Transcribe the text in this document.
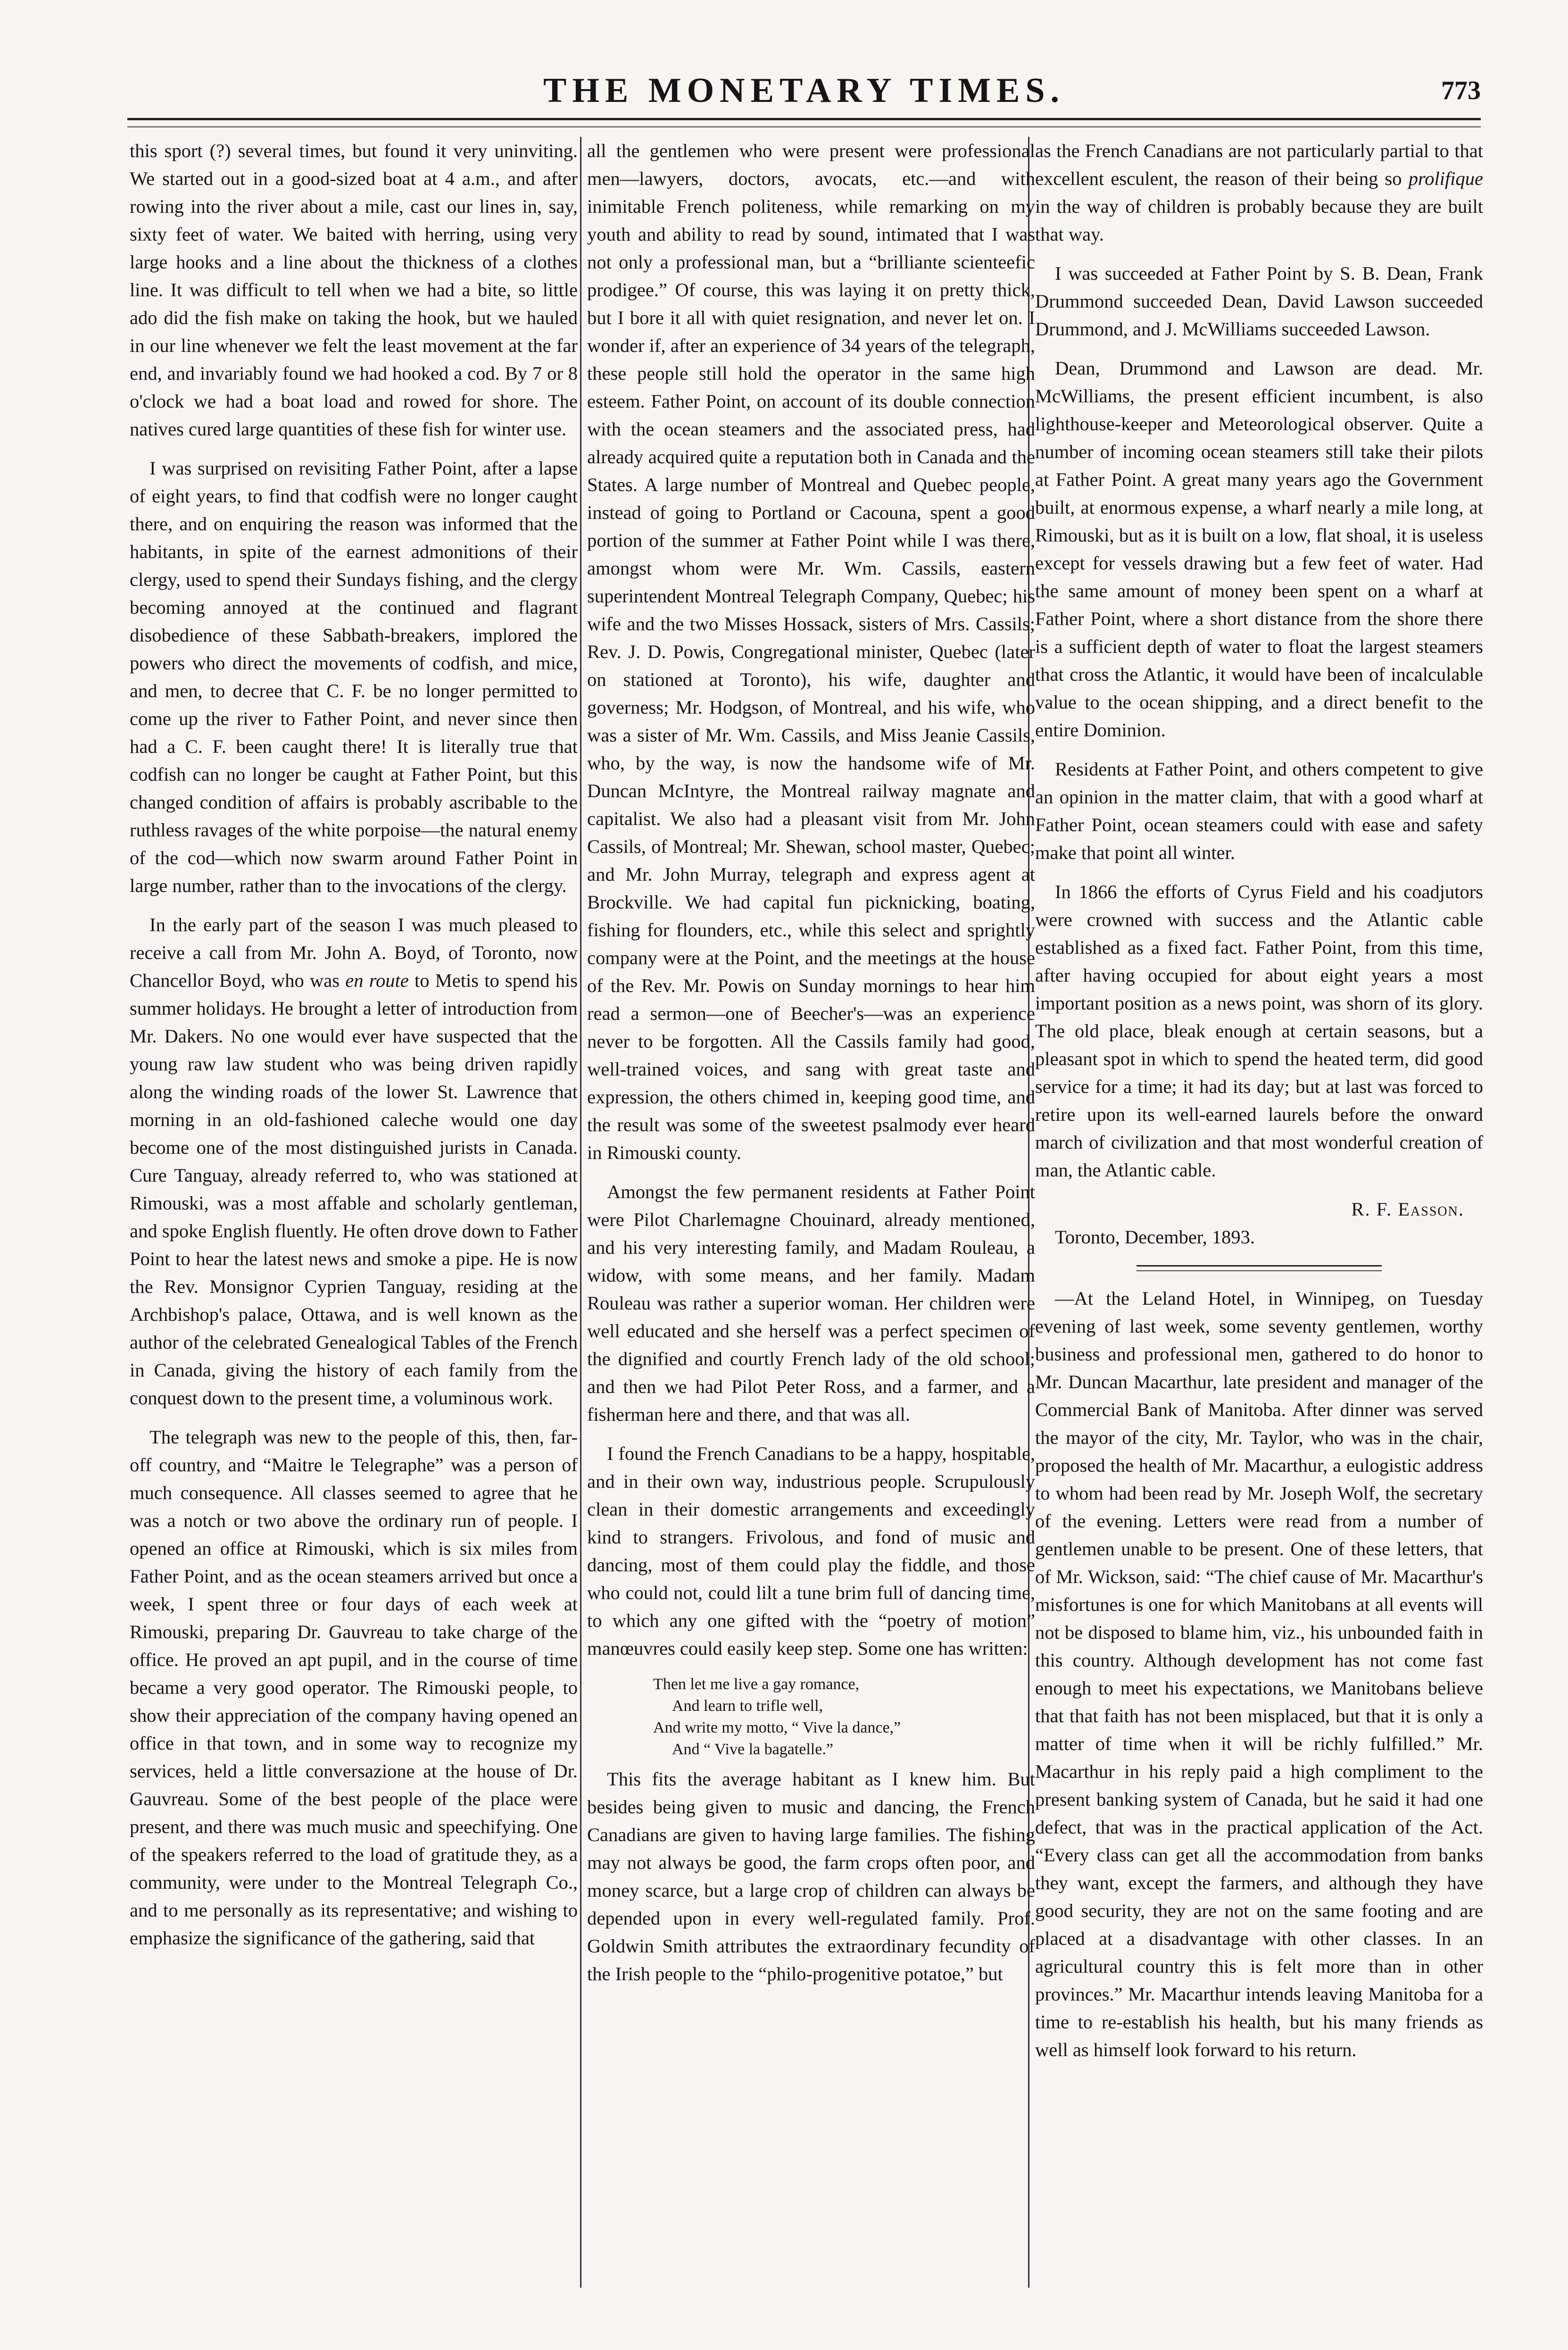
THE MONETARY TIMES.	773

this sport (?) several times, but found it very uninviting. We started out in a good-sized boat at 4 a.m., and after rowing into the river about a mile, cast our lines in, say, sixty feet of water. We baited with herring, using very large hooks and a line about the thickness of a clothes line. It was difficult to tell when we had a bite, so little ado did the fish make on taking the hook, but we hauled in our line whenever we felt the least movement at the far end, and invariably found we had hooked a cod. By 7 or 8 o'clock we had a boat load and rowed for shore. The natives cured large quantities of these fish for winter use.

I was surprised on revisiting Father Point, after a lapse of eight years, to find that codfish were no longer caught there, and on enquiring the reason was informed that the habitants, in spite of the earnest admonitions of their clergy, used to spend their Sundays fishing, and the clergy becoming annoyed at the continued and flagrant disobedience of these Sabbath-breakers, implored the powers who direct the movements of codfish, and mice, and men, to decree that C. F. be no longer permitted to come up the river to Father Point, and never since then had a C. F. been caught there! It is literally true that codfish can no longer be caught at Father Point, but this changed condition of affairs is probably ascribable to the ruthless ravages of the white porpoise—the natural enemy of the cod—which now swarm around Father Point in large number, rather than to the invocations of the clergy.

In the early part of the season I was much pleased to receive a call from Mr. John A. Boyd, of Toronto, now Chancellor Boyd, who was en route to Metis to spend his summer holidays. He brought a letter of introduction from Mr. Dakers. No one would ever have suspected that the young raw law student who was being driven rapidly along the winding roads of the lower St. Lawrence that morning in an old-fashioned caleche would one day become one of the most distinguished jurists in Canada. Cure Tanguay, already referred to, who was stationed at Rimouski, was a most affable and scholarly gentleman, and spoke English fluently. He often drove down to Father Point to hear the latest news and smoke a pipe. He is now the Rev. Monsignor Cyprien Tanguay, residing at the Archbishop's palace, Ottawa, and is well known as the author of the celebrated Genealogical Tables of the French in Canada, giving the history of each family from the conquest down to the present time, a voluminous work.

The telegraph was new to the people of this, then, far-off country, and “Maitre le Telegraphe” was a person of much consequence. All classes seemed to agree that he was a notch or two above the ordinary run of people. I opened an office at Rimouski, which is six miles from Father Point, and as the ocean steamers arrived but once a week, I spent three or four days of each week at Rimouski, preparing Dr. Gauvreau to take charge of the office. He proved an apt pupil, and in the course of time became a very good operator. The Rimouski people, to show their appreciation of the company having opened an office in that town, and in some way to recognize my services, held a little conversazione at the house of Dr. Gauvreau. Some of the best people of the place were present, and there was much music and speechifying. One of the speakers referred to the load of gratitude they, as a community, were under to the Montreal Telegraph Co., and to me personally as its representative; and wishing to emphasize the significance of the gathering, said that

all the gentlemen who were present were professional men—lawyers, doctors, avocats, etc.—and with inimitable French politeness, while remarking on my youth and ability to read by sound, intimated that I was not only a professional man, but a “brilliante scienteefic prodigee.” Of course, this was laying it on pretty thick, but I bore it all with quiet resignation, and never let on. I wonder if, after an experience of 34 years of the telegraph, these people still hold the operator in the same high esteem. Father Point, on account of its double connection with the ocean steamers and the associated press, had already acquired quite a reputation both in Canada and the States. A large number of Montreal and Quebec people, instead of going to Portland or Cacouna, spent a good portion of the summer at Father Point while I was there, amongst whom were Mr. Wm. Cassils, eastern superintendent Montreal Telegraph Company, Quebec; his wife and the two Misses Hossack, sisters of Mrs. Cassils; Rev. J. D. Powis, Congregational minister, Quebec (later on stationed at Toronto), his wife, daughter and governess; Mr. Hodgson, of Montreal, and his wife, who was a sister of Mr. Wm. Cassils, and Miss Jeanie Cassils, who, by the way, is now the handsome wife of Mr. Duncan McIntyre, the Montreal railway magnate and capitalist. We also had a pleasant visit from Mr. John Cassils, of Montreal; Mr. Shewan, school master, Quebec; and Mr. John Murray, telegraph and express agent at Brockville. We had capital fun picknicking, boating, fishing for flounders, etc., while this select and sprightly company were at the Point, and the meetings at the house of the Rev. Mr. Powis on Sunday mornings to hear him read a sermon—one of Beecher's—was an experience never to be forgotten. All the Cassils family had good, well-trained voices, and sang with great taste and expression, the others chimed in, keeping good time, and the result was some of the sweetest psalmody ever heard in Rimouski county.

Amongst the few permanent residents at Father Point were Pilot Charlemagne Chouinard, already mentioned, and his very interesting family, and Madam Rouleau, a widow, with some means, and her family. Madam Rouleau was rather a superior woman. Her children were well educated and she herself was a perfect specimen of the dignified and courtly French lady of the old school; and then we had Pilot Peter Ross, and a farmer, and a fisherman here and there, and that was all.

I found the French Canadians to be a happy, hospitable, and in their own way, industrious people. Scrupulously clean in their domestic arrangements and exceedingly kind to strangers. Frivolous, and fond of music and dancing, most of them could play the fiddle, and those who could not, could lilt a tune brim full of dancing time, to which any one gifted with the “poetry of motion” manœuvres could easily keep step. Some one has written:

Then let me live a gay romance,
And learn to trifle well,
And write my motto, “ Vive la dance,”
And “ Vive la bagatelle.”

This fits the average habitant as I knew him. But besides being given to music and dancing, the French Canadians are given to having large families. The fishing may not always be good, the farm crops often poor, and money scarce, but a large crop of children can always be depended upon in every well-regulated family. Prof. Goldwin Smith attributes the extraordinary fecundity of the Irish people to the “philo-progenitive potatoe,” but

as the French Canadians are not particularly partial to that excellent esculent, the reason of their being so prolifique in the way of children is probably because they are built that way.

I was succeeded at Father Point by S. B. Dean, Frank Drummond succeeded Dean, David Lawson succeeded Drummond, and J. McWilliams succeeded Lawson.

Dean, Drummond and Lawson are dead. Mr. McWilliams, the present efficient incumbent, is also lighthouse-keeper and Meteorological observer. Quite a number of incoming ocean steamers still take their pilots at Father Point. A great many years ago the Government built, at enormous expense, a wharf nearly a mile long, at Rimouski, but as it is built on a low, flat shoal, it is useless except for vessels drawing but a few feet of water. Had the same amount of money been spent on a wharf at Father Point, where a short distance from the shore there is a sufficient depth of water to float the largest steamers that cross the Atlantic, it would have been of incalculable value to the ocean shipping, and a direct benefit to the entire Dominion.

Residents at Father Point, and others competent to give an opinion in the matter claim, that with a good wharf at Father Point, ocean steamers could with ease and safety make that point all winter.

In 1866 the efforts of Cyrus Field and his coadjutors were crowned with success and the Atlantic cable established as a fixed fact. Father Point, from this time, after having occupied for about eight years a most important position as a news point, was shorn of its glory. The old place, bleak enough at certain seasons, but a pleasant spot in which to spend the heated term, did good service for a time; it had its day; but at last was forced to retire upon its well-earned laurels before the onward march of civilization and that most wonderful creation of man, the Atlantic cable.

R. F. Easson.
Toronto, December, 1893.

—At the Leland Hotel, in Winnipeg, on Tuesday evening of last week, some seventy gentlemen, worthy business and professional men, gathered to do honor to Mr. Duncan Macarthur, late president and manager of the Commercial Bank of Manitoba. After dinner was served the mayor of the city, Mr. Taylor, who was in the chair, proposed the health of Mr. Macarthur, a eulogistic address to whom had been read by Mr. Joseph Wolf, the secretary of the evening. Letters were read from a number of gentlemen unable to be present. One of these letters, that of Mr. Wickson, said: “The chief cause of Mr. Macarthur's misfortunes is one for which Manitobans at all events will not be disposed to blame him, viz., his unbounded faith in this country. Although development has not come fast enough to meet his expectations, we Manitobans believe that that faith has not been misplaced, but that it is only a matter of time when it will be richly fulfilled.” Mr. Macarthur in his reply paid a high compliment to the present banking system of Canada, but he said it had one defect, that was in the practical application of the Act. “Every class can get all the accommodation from banks they want, except the farmers, and although they have good security, they are not on the same footing and are placed at a disadvantage with other classes. In an agricultural country this is felt more than in other provinces.” Mr. Macarthur intends leaving Manitoba for a time to re-establish his health, but his many friends as well as himself look forward to his return.
